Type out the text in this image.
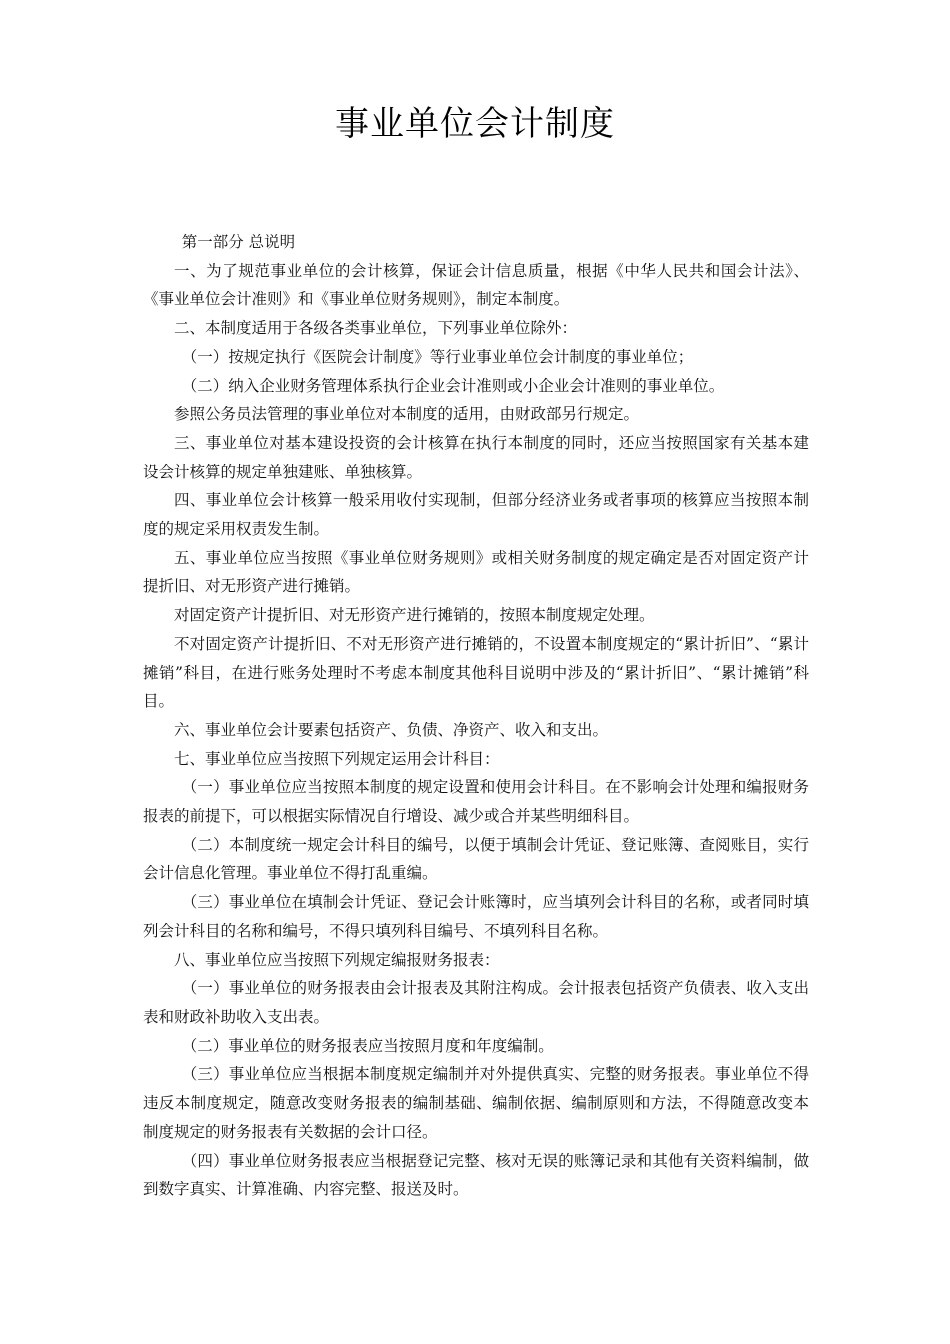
事业单位会计制度

第一部分 总说明

一、为了规范事业单位的会计核算，保证会计信息质量，根据《中华人民共和国会计法》、《事业单位会计准则》和《事业单位财务规则》，制定本制度。

二、本制度适用于各级各类事业单位，下列事业单位除外：

（一）按规定执行《医院会计制度》等行业事业单位会计制度的事业单位；

（二）纳入企业财务管理体系执行企业会计准则或小企业会计准则的事业单位。

参照公务员法管理的事业单位对本制度的适用，由财政部另行规定。

三、事业单位对基本建设投资的会计核算在执行本制度的同时，还应当按照国家有关基本建设会计核算的规定单独建账、单独核算。

四、事业单位会计核算一般采用收付实现制，但部分经济业务或者事项的核算应当按照本制度的规定采用权责发生制。

五、事业单位应当按照《事业单位财务规则》或相关财务制度的规定确定是否对固定资产计提折旧、对无形资产进行摊销。

对固定资产计提折旧、对无形资产进行摊销的，按照本制度规定处理。

不对固定资产计提折旧、不对无形资产进行摊销的，不设置本制度规定的“累计折旧”、“累计摊销”科目，在进行账务处理时不考虑本制度其他科目说明中涉及的“累计折旧”、“累计摊销”科目。

六、事业单位会计要素包括资产、负债、净资产、收入和支出。

七、事业单位应当按照下列规定运用会计科目：

（一）事业单位应当按照本制度的规定设置和使用会计科目。在不影响会计处理和编报财务报表的前提下，可以根据实际情况自行增设、减少或合并某些明细科目。

（二）本制度统一规定会计科目的编号，以便于填制会计凭证、登记账簿、查阅账目，实行会计信息化管理。事业单位不得打乱重编。

（三）事业单位在填制会计凭证、登记会计账簿时，应当填列会计科目的名称，或者同时填列会计科目的名称和编号，不得只填列科目编号、不填列科目名称。

八、事业单位应当按照下列规定编报财务报表：

（一）事业单位的财务报表由会计报表及其附注构成。会计报表包括资产负债表、收入支出表和财政补助收入支出表。

（二）事业单位的财务报表应当按照月度和年度编制。

（三）事业单位应当根据本制度规定编制并对外提供真实、完整的财务报表。事业单位不得违反本制度规定，随意改变财务报表的编制基础、编制依据、编制原则和方法，不得随意改变本制度规定的财务报表有关数据的会计口径。

（四）事业单位财务报表应当根据登记完整、核对无误的账簿记录和其他有关资料编制，做到数字真实、计算准确、内容完整、报送及时。
